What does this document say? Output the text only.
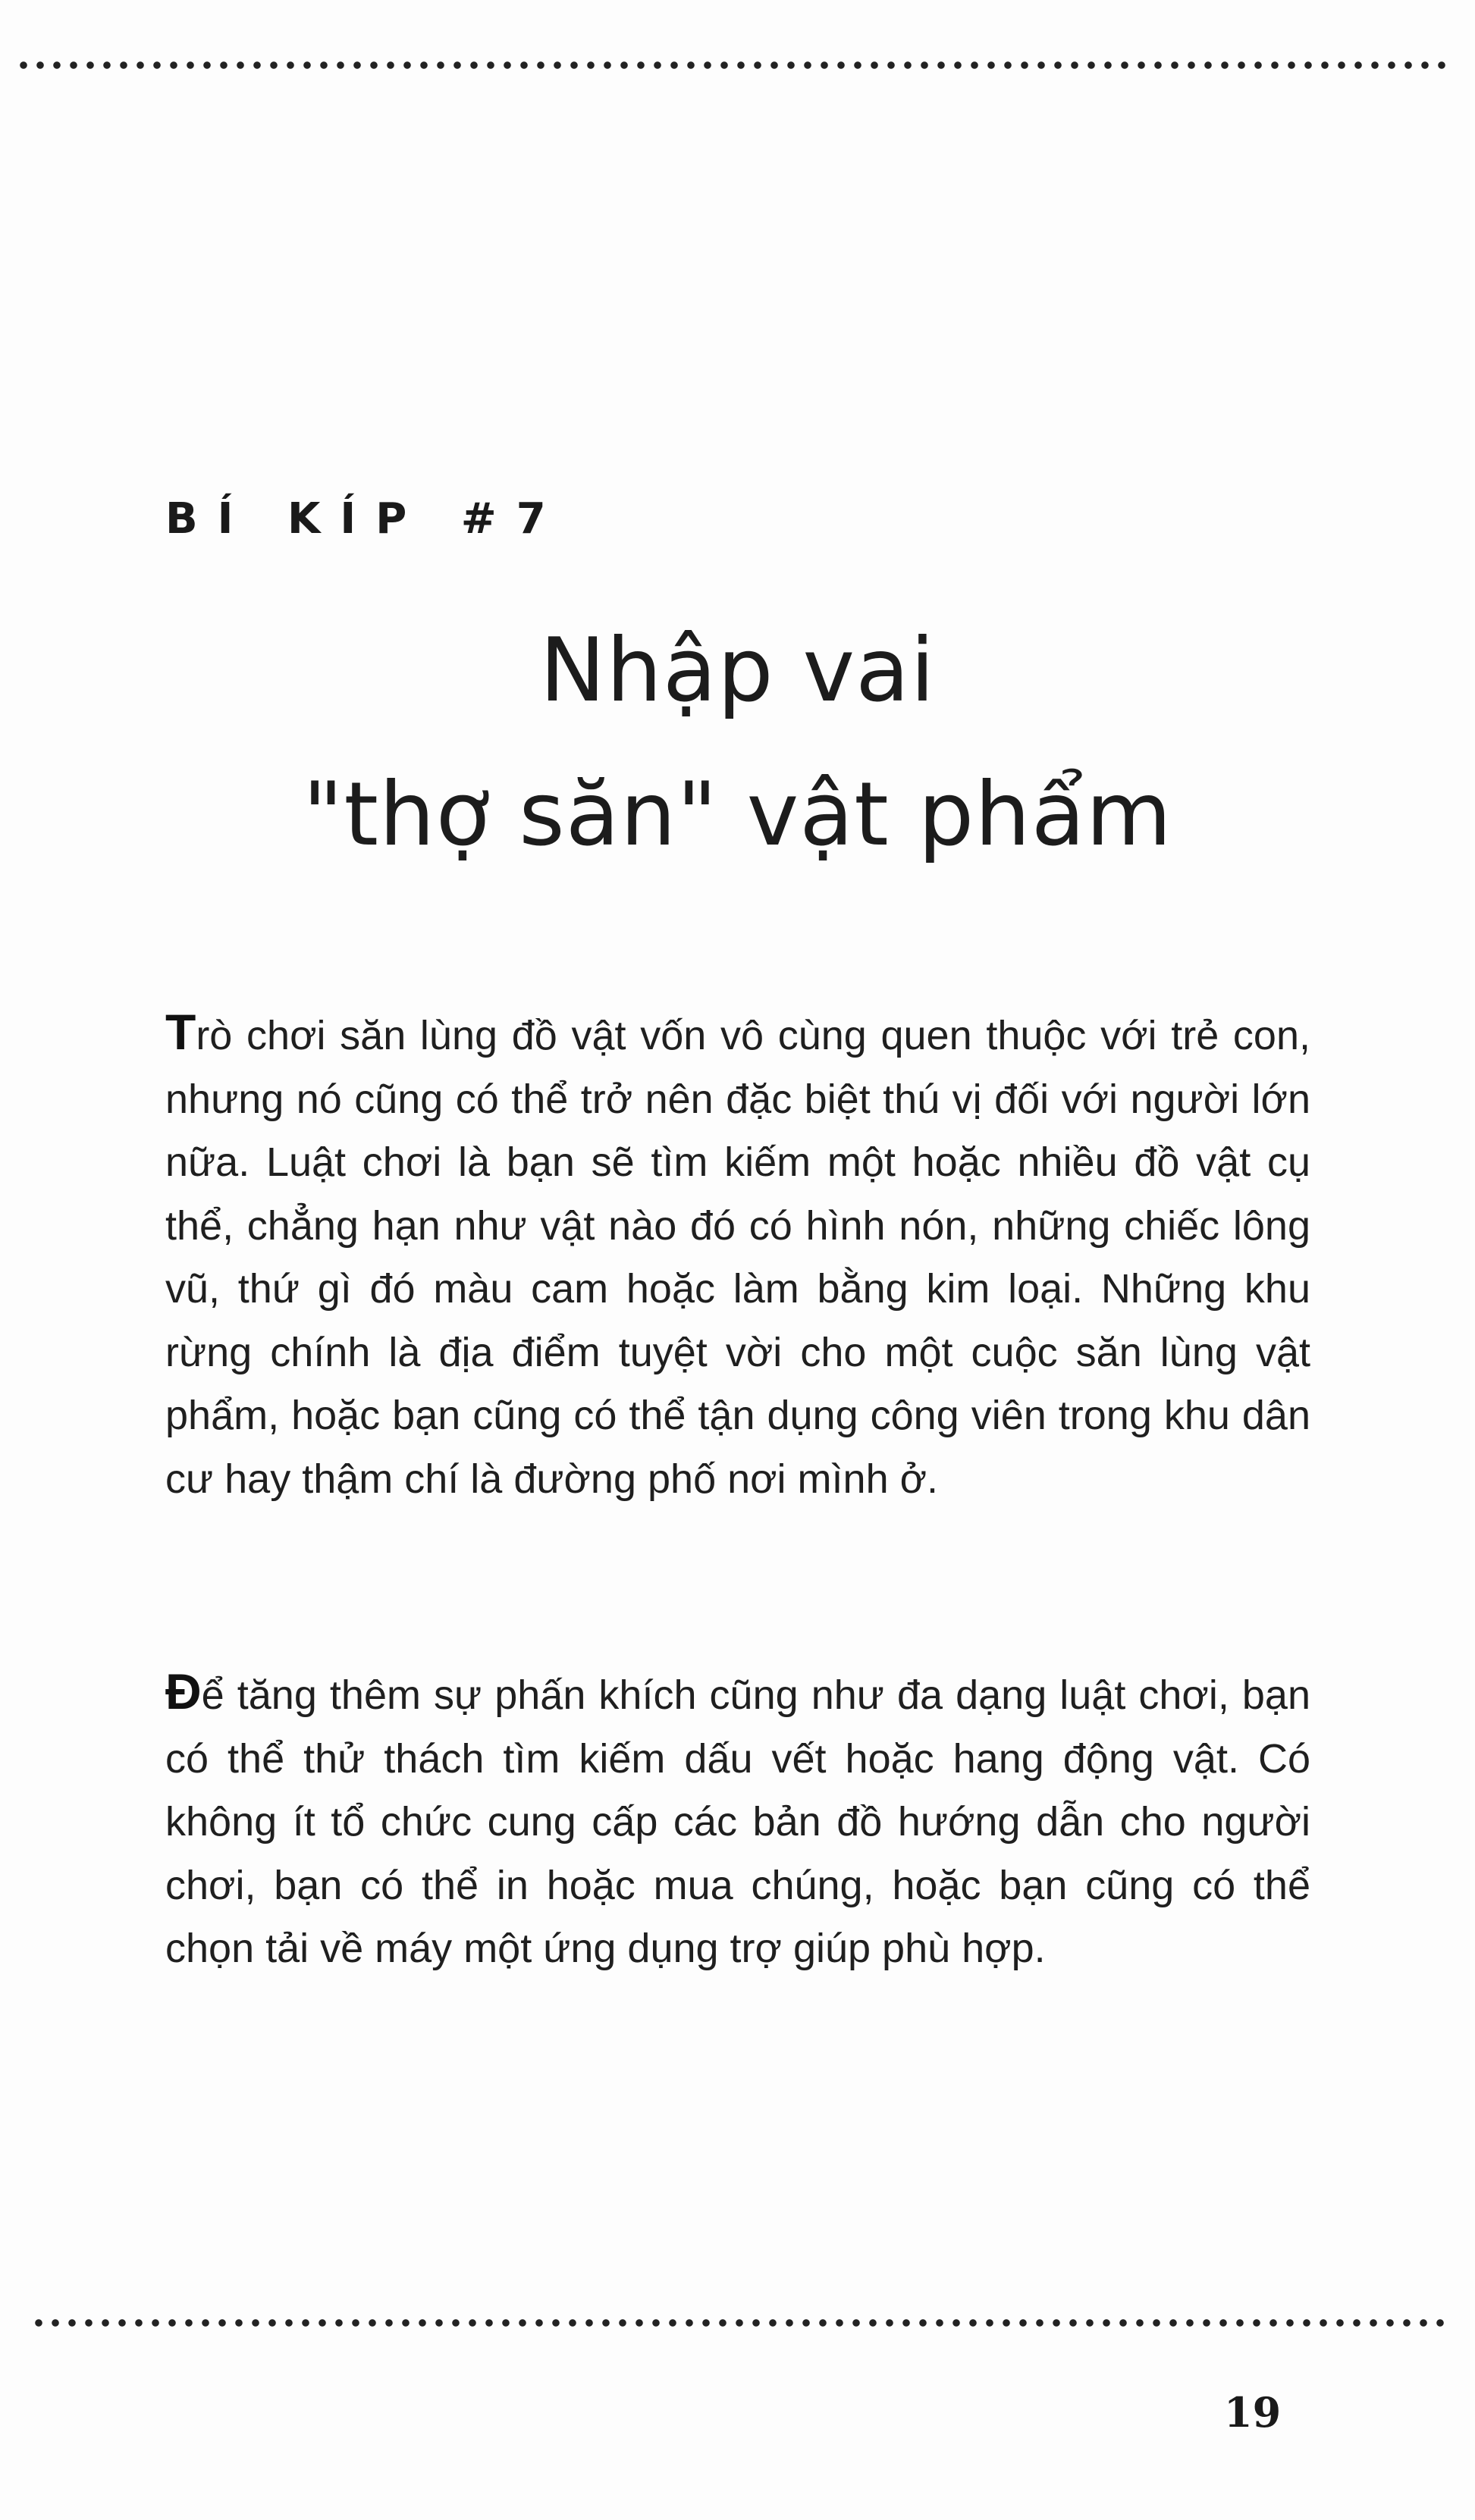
BÍ KÍP #7
Nhập vai
"thợ săn" vật phẩm

Trò chơi săn lùng đồ vật vốn vô cùng quen thuộc với trẻ con, nhưng nó cũng có thể trở nên đặc biệt thú vị đối với người lớn nữa. Luật chơi là bạn sẽ tìm kiếm một hoặc nhiều đồ vật cụ thể, chẳng hạn như vật nào đó có hình nón, những chiếc lông vũ, thứ gì đó màu cam hoặc làm bằng kim loại. Những khu rừng chính là địa điểm tuyệt vời cho một cuộc săn lùng vật phẩm, hoặc bạn cũng có thể tận dụng công viên trong khu dân cư hay thậm chí là đường phố nơi mình ở.

Để tăng thêm sự phấn khích cũng như đa dạng luật chơi, bạn có thể thử thách tìm kiếm dấu vết hoặc hang động vật. Có không ít tổ chức cung cấp các bản đồ hướng dẫn cho người chơi, bạn có thể in hoặc mua chúng, hoặc bạn cũng có thể chọn tải về máy một ứng dụng trợ giúp phù hợp.

19
